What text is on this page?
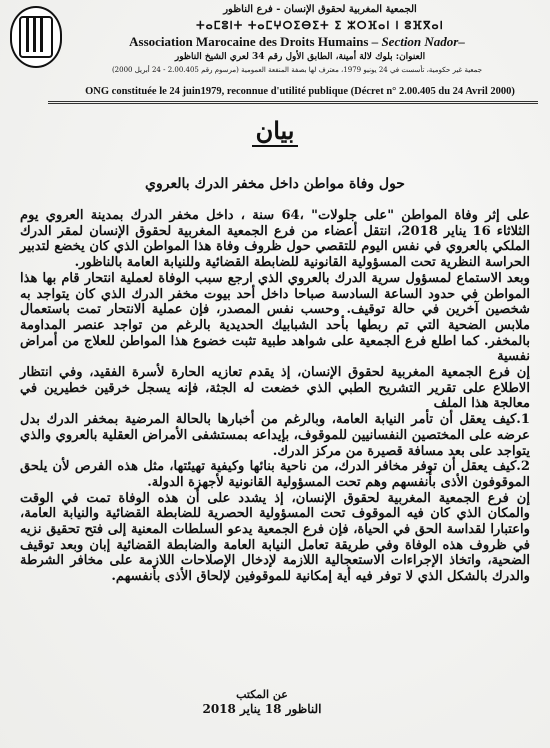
الجمعية المغربية لحقوق الإنسان - فرع الناظور
ⵜⴰⵎⵓⵏⵜ ⵜⴰⵎⵖⵔⵉⴱⵉⵜ ⵉ ⵣⵔⴼⴰⵏ ⵏ ⵓⴼⴳⴰⵏ
Association Marocaine des Droits Humains – Section Nador–
العنوان: بلوك لالة أمينة، الطابق الأول رقم 34 لعري الشيخ الناظور
جمعية غير حكومية، تأسست في 24 يونيو 1979، معترف لها بصفة المنفعة العمومية (مرسوم رقم 2.00.405 - 24 أبريل 2000)
ONG constituée le 24 juin1979, reconnue d'utilité publique (Décret n° 2.00.405 du 24 Avril 2000)
بيان
حول وفاة مواطن داخل مخفر الدرك بالعروي

على إثر وفاة المواطن "على جلولات" ،64 سنة ، داخل مخفر الدرك بمدينة العروي يوم الثلاثاء 16 يناير 2018، انتقل أعضاء من فرع الجمعية المغربية لحقوق الإنسان لمقر الدرك الملكي بالعروي في نفس اليوم للتقصي حول ظروف وفاة هذا المواطن الذي كان يخضع لتدبير الحراسة النظرية تحت المسؤولية القانونية للضابطة القضائية وللنيابة العامة بالناظور.

وبعد الاستماع لمسؤول سرية الدرك بالعروي الذي ارجع سبب الوفاة لعملية انتحار قام بها هذا المواطن في حدود الساعة السادسة صباحا داخل أحد بيوت مخفر الدرك الذي كان يتواجد به شخصين آخرين في حالة توقيف. وحسب نفس المصدر، فإن عملية الانتحار تمت باستعمال ملابس الضحية التي تم ربطها بأحد الشبابيك الحديدية بالرغم من تواجد عنصر المداومة بالمخفر. كما اطلع فرع الجمعية على شواهد طبية تثبت خضوع هذا المواطن للعلاج من أمراض نفسية

إن فرع الجمعية المغربية لحقوق الإنسان، إذ يقدم تعازيه الحارة لأسرة الفقيد، وفي انتظار الاطلاع على تقرير التشريح الطبي الذي خضعت له الجثة، فإنه يسجل خرقين خطيرين في معالجة هذا الملف

1.كيف يعقل أن تأمر النيابة العامة، وبالرغم من أخبارها بالحالة المرضية بمخفر الدرك بدل عرضه على المختصين النفسانيين للموقوف، بإيداعه بمستشفى الأمراض العقلية بالعروي والذي يتواجد على بعد مسافة قصيرة من مركز الدرك.

2.كيف يعقل أن توفر مخافر الدرك، من ناحية بنائها وكيفية تهيئتها، مثل هذه الفرص لأن يلحق الموقوفون الأذى بأنفسهم وهم تحت المسؤولية القانونية لأجهزة الدولة.

إن فرع الجمعية المغربية لحقوق الإنسان، إذ يشدد على أن هذه الوفاة تمت في الوقت والمكان الذي كان فيه الموقوف تحت المسؤولية الحصرية للضابطة القضائية والنيابة العامة، واعتبارا لقداسة الحق في الحياة، فإن فرع الجمعية يدعو السلطات المعنية إلى فتح تحقيق نزيه في ظروف هذه الوفاة وفي طريقة تعامل النيابة العامة والضابطة القضائية إبان وبعد توقيف الضحية، واتخاذ الإجراءات الاستعجالية اللازمة لإدخال الإصلاحات اللازمة على مخافر الشرطة والدرك بالشكل الذي لا توفر فيه أية إمكانية للموقوفين لإلحاق الأذى بأنفسهم.

عن المكتب
الناظور 18 يناير 2018
